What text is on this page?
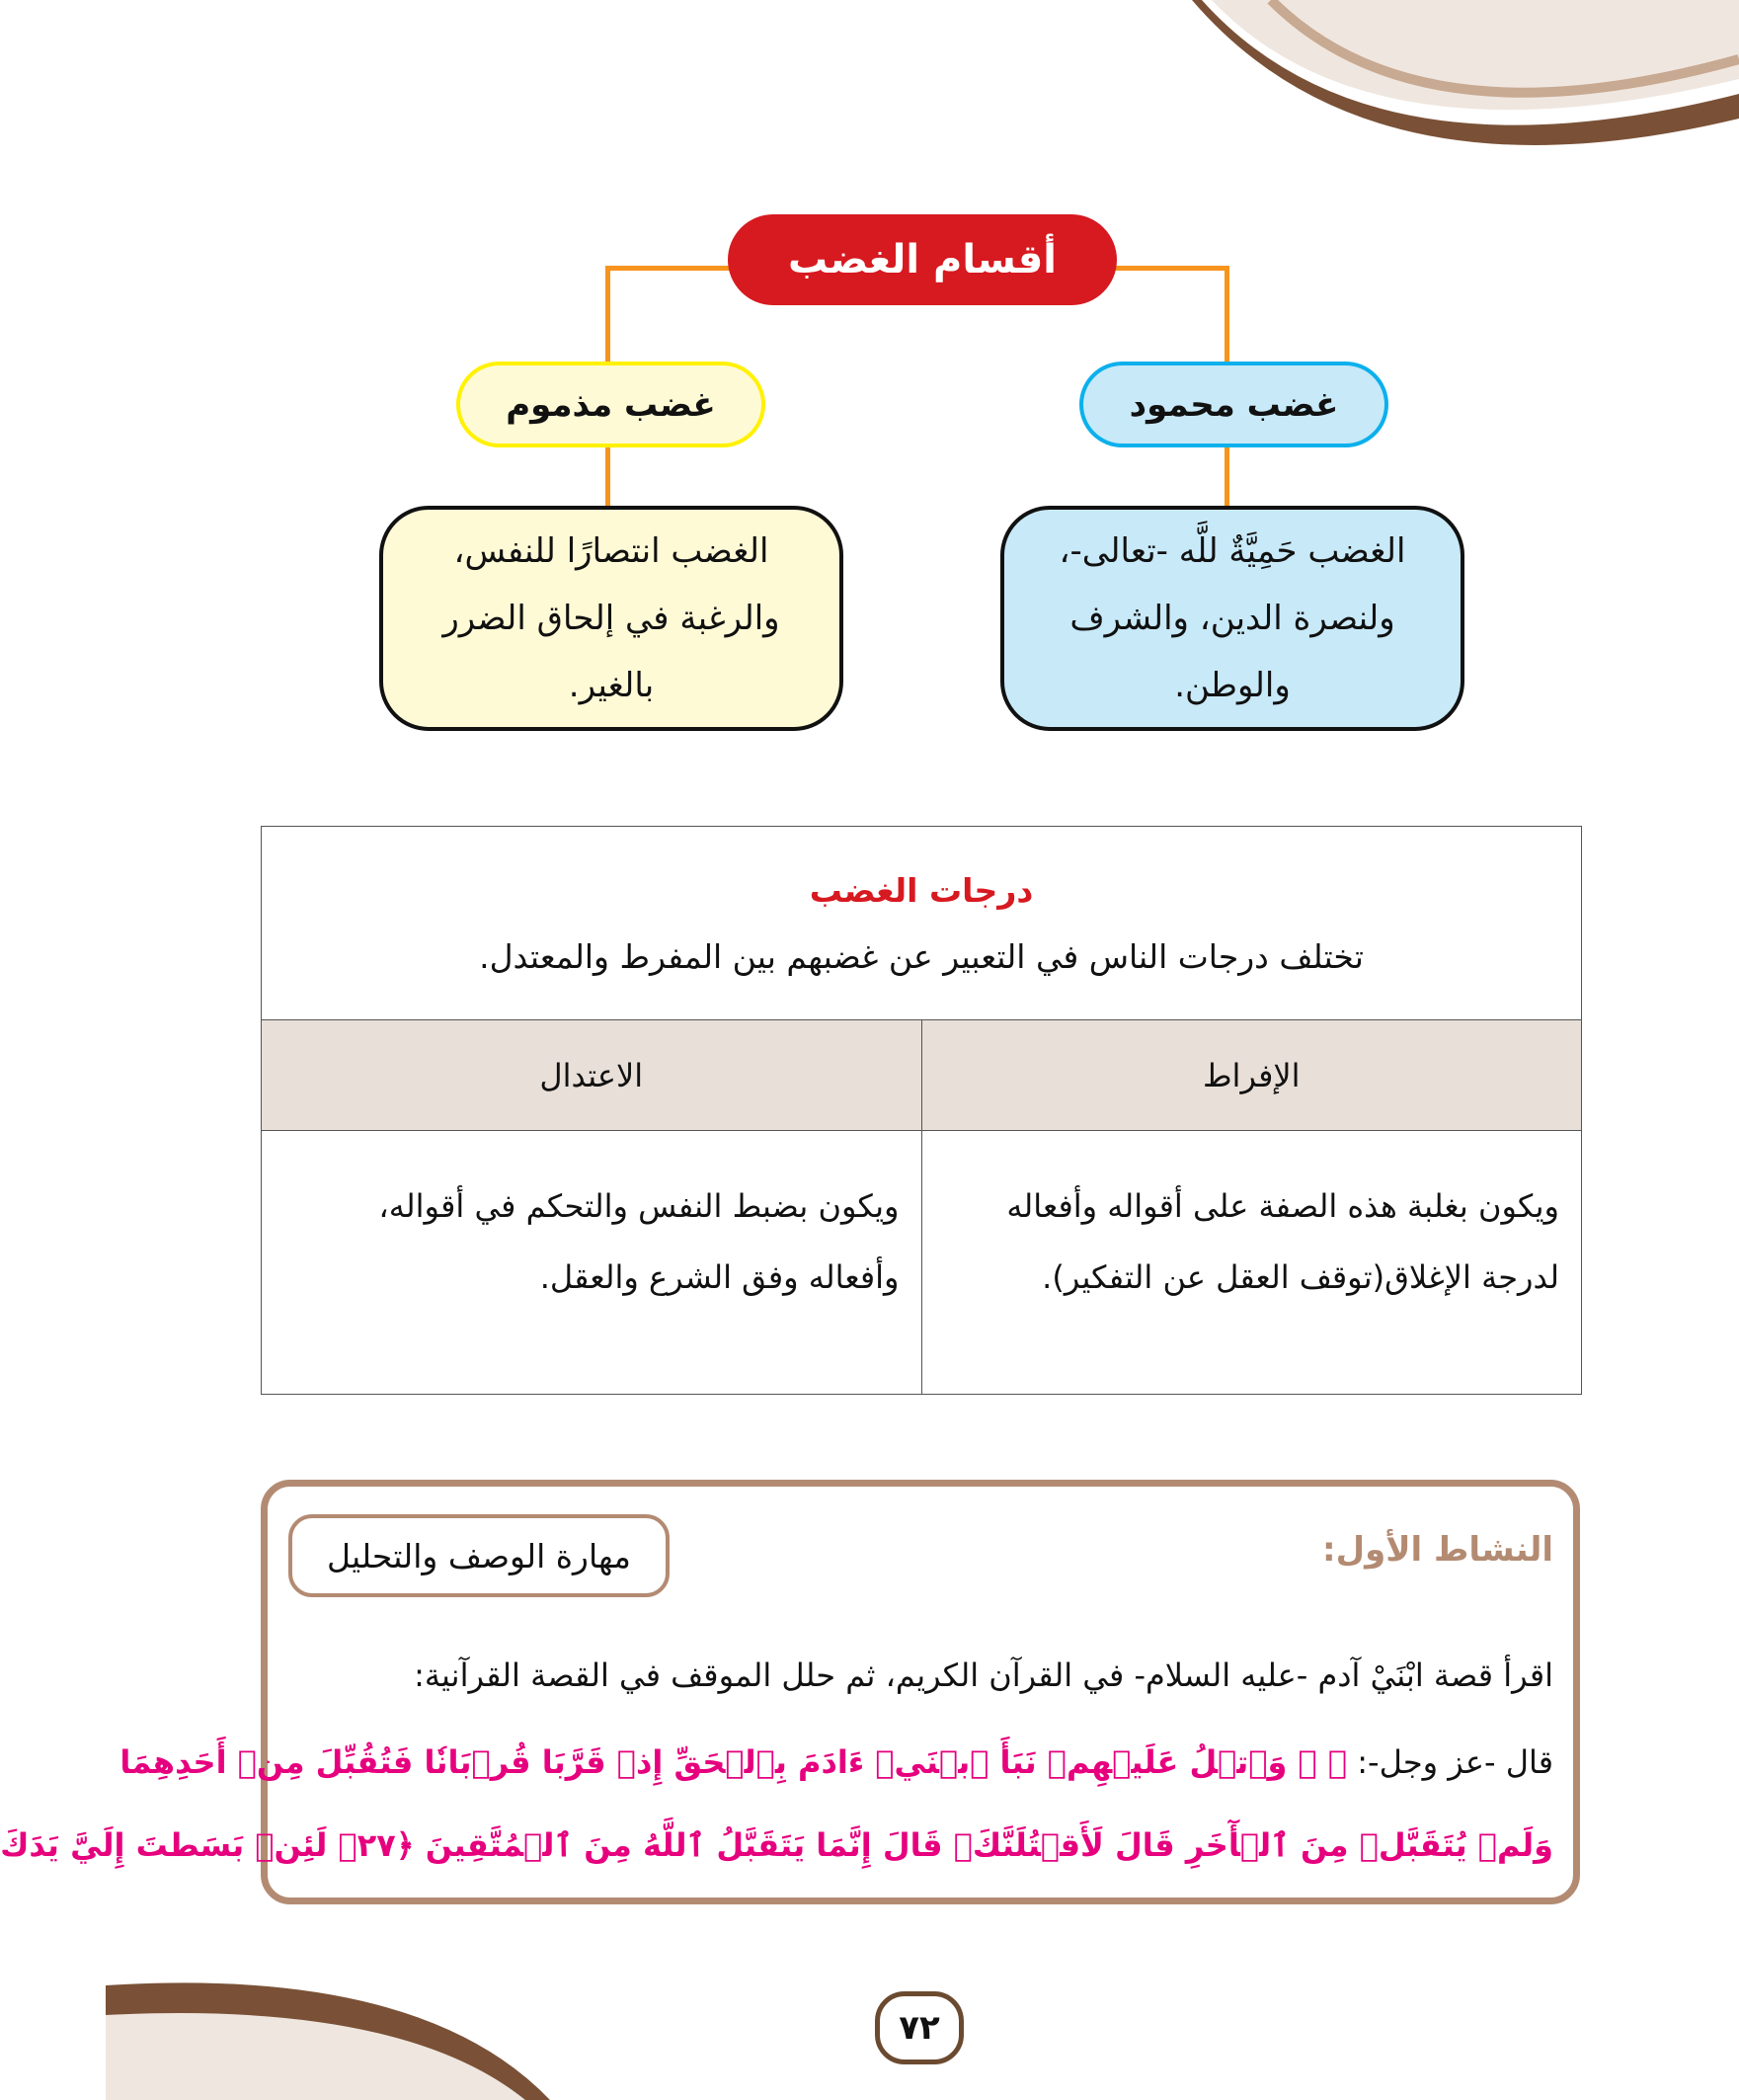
أقسام الغضب
غضب محمود
غضب مذموم
الغضب حَمِيَّةٌ للَّه -تعالى-، ولنصرة الدين، والشرف والوطن.
الغضب انتصارًا للنفس، والرغبة في إلحاق الضرر بالغير.
درجات الغضب
تختلف درجات الناس في التعبير عن غضبهم بين المفرط والمعتدل.	

الإفراط	الاعتدال
ويكون بغلبة هذه الصفة على أقواله وأفعاله لدرجة الإغلاق(توقف العقل عن التفكير).	ويكون بضبط النفس والتحكم في أقواله، وأفعاله وفق الشرع والعقل.
النشاط الأول:
مهارة الوصف والتحليل
اقرأ قصة ابْنَيْ آدم -عليه السلام- في القرآن الكريم، ثم حلل الموقف في القصة القرآنية:
قال -عز وجل-: ﴿ ۞ وَٱتۡلُ عَلَيۡهِمۡ نَبَأَ ٱبۡنَيۡ ءَادَمَ بِٱلۡحَقِّ إِذۡ قَرَّبَا قُرۡبَانٗا فَتُقُبِّلَ مِنۡ أَحَدِهِمَا
وَلَمۡ يُتَقَبَّلۡ مِنَ ٱلۡأٓخَرِ قَالَ لَأَقۡتُلَنَّكَۖ قَالَ إِنَّمَا يَتَقَبَّلُ ٱللَّهُ مِنَ ٱلۡمُتَّقِينَ ﴿٢٧﴾ لَئِنۢ بَسَطتَ إِلَيَّ يَدَكَ
٧٢
